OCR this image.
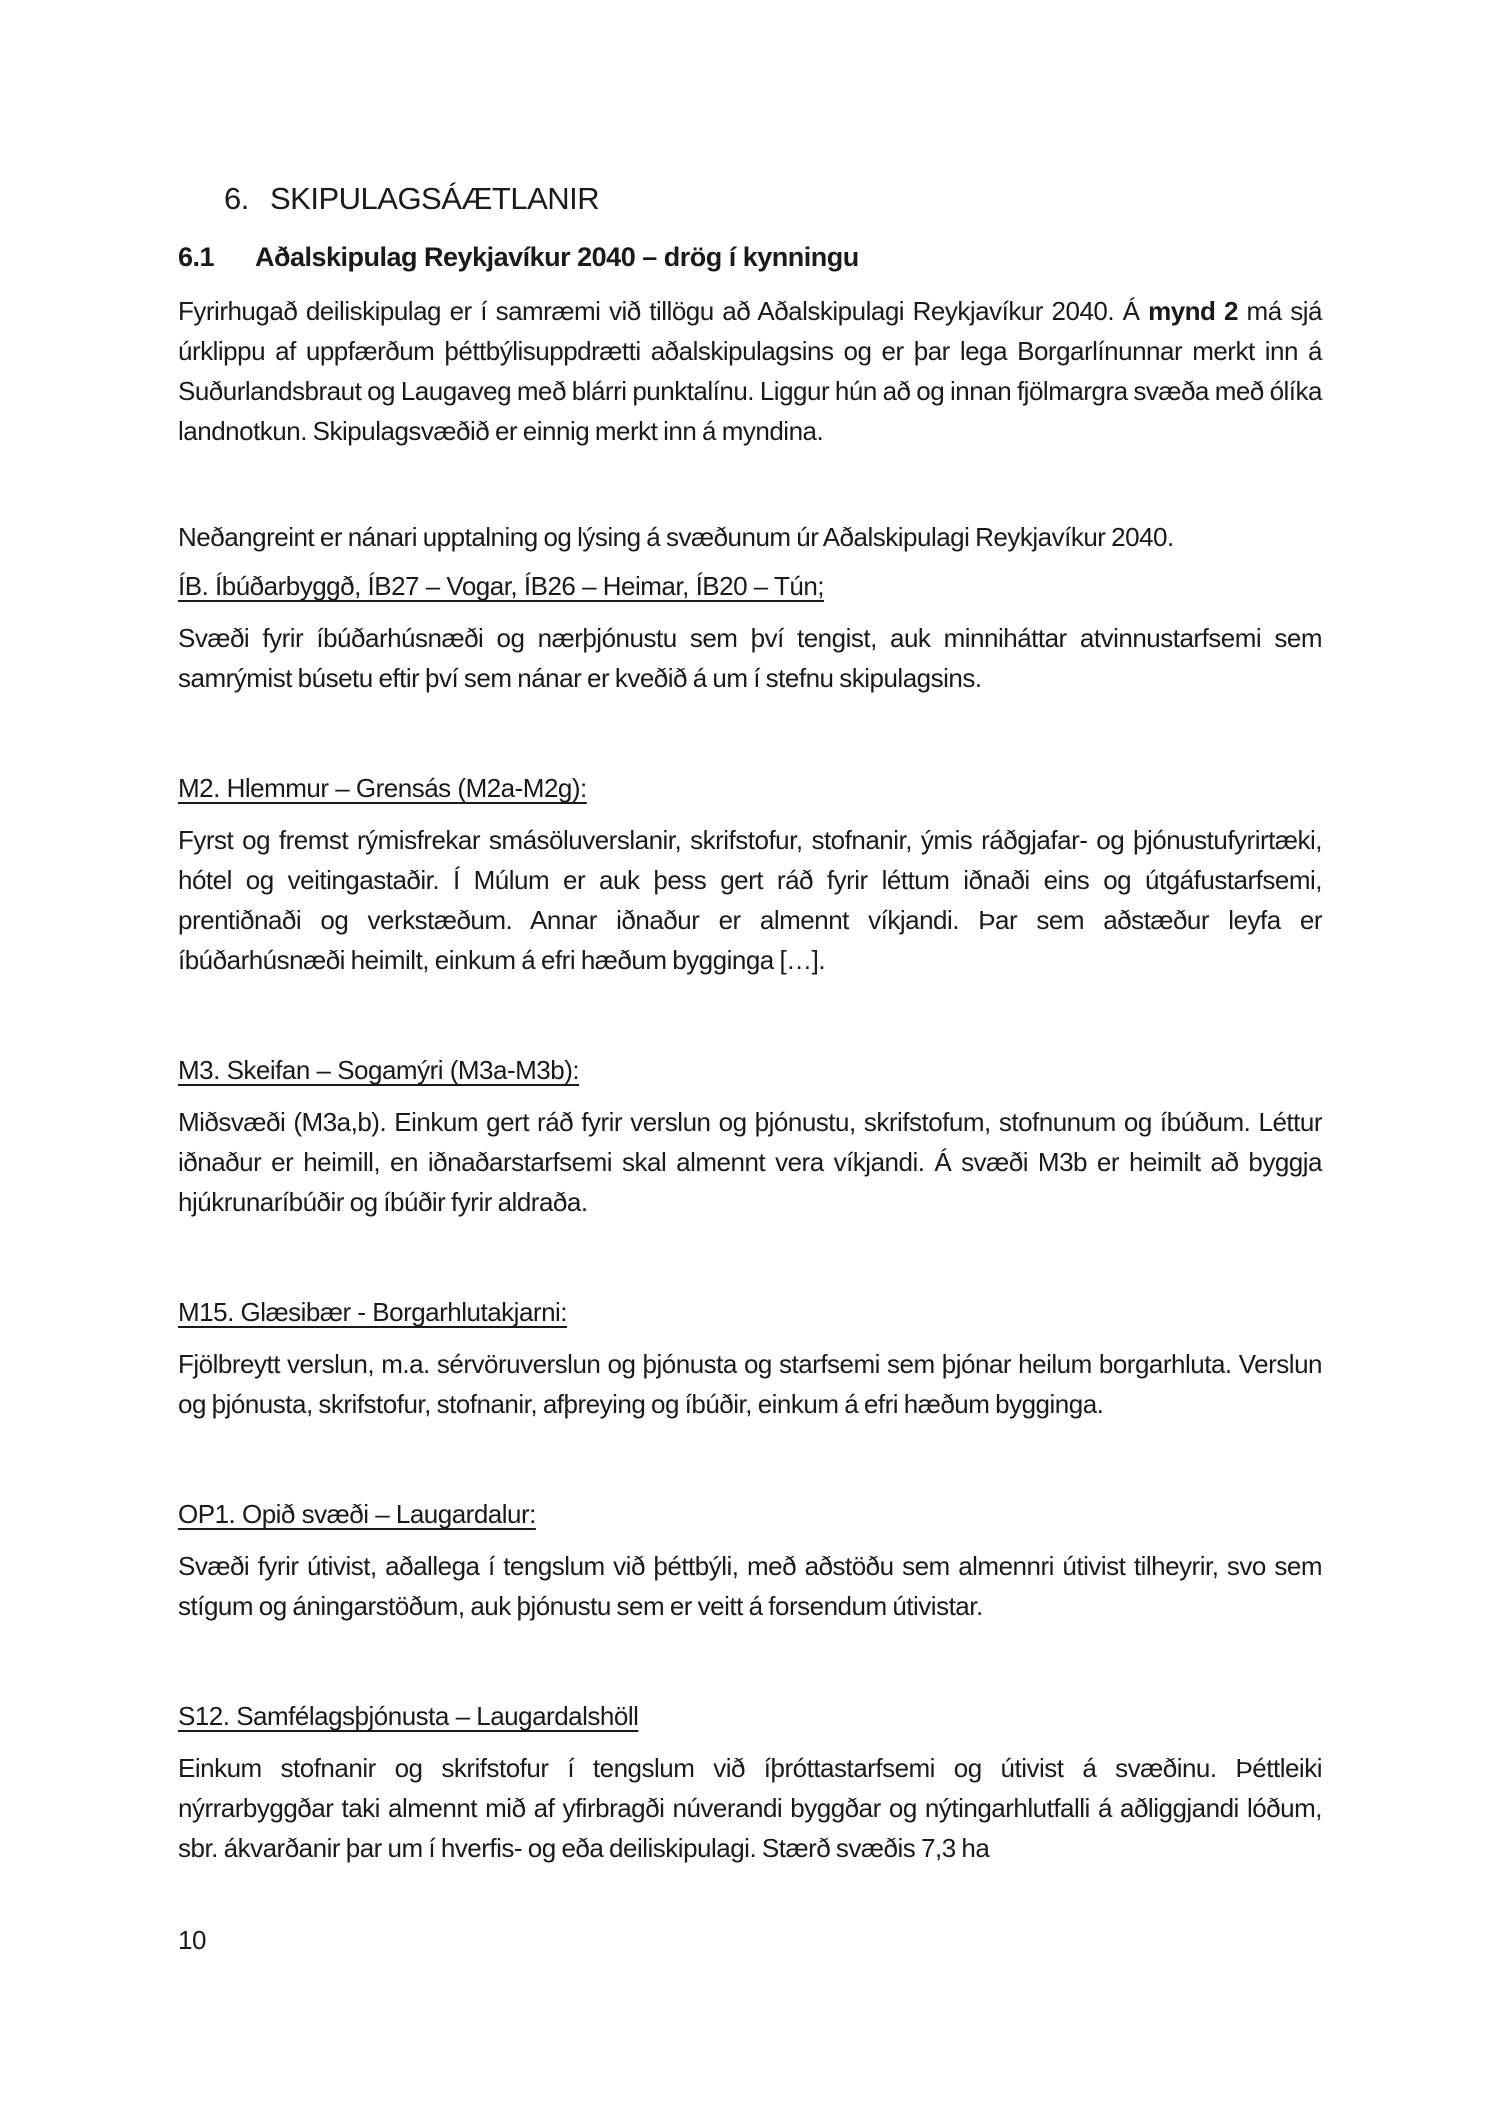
6. SKIPULAGSÁÆTLANIR
6.1	Aðalskipulag Reykjavíkur 2040 – drög í kynningu

Fyrirhugað deiliskipulag er í samræmi við tillögu að Aðalskipulagi Reykjavíkur 2040. Á mynd 2 má sjá úrklippu af uppfærðum þéttbýlisuppdrætti aðalskipulagsins og er þar lega Borgarlínunnar merkt inn á Suðurlandsbraut og Laugaveg með blárri punktalínu. Liggur hún að og innan fjölmargra svæða með ólíka landnotkun. Skipulagsvæðið er einnig merkt inn á myndina.

Neðangreint er nánari upptalning og lýsing á svæðunum úr Aðalskipulagi Reykjavíkur 2040.

ÍB. Íbúðarbyggð, ÍB27 – Vogar, ÍB26 – Heimar, ÍB20 – Tún;

Svæði fyrir íbúðarhúsnæði og nærþjónustu sem því tengist, auk minniháttar atvinnustarfsemi sem samrýmist búsetu eftir því sem nánar er kveðið á um í stefnu skipulagsins.

M2. Hlemmur – Grensás (M2a-M2g):

Fyrst og fremst rýmisfrekar smásöluverslanir, skrifstofur, stofnanir, ýmis ráðgjafar- og þjónustufyrirtæki, hótel og veitingastaðir. Í Múlum er auk þess gert ráð fyrir léttum iðnaði eins og útgáfustarfsemi, prentiðnaði og verkstæðum. Annar iðnaður er almennt víkjandi. Þar sem aðstæður leyfa er íbúðarhúsnæði heimilt, einkum á efri hæðum bygginga […].

M3. Skeifan – Sogamýri (M3a-M3b):

Miðsvæði (M3a,b). Einkum gert ráð fyrir verslun og þjónustu, skrifstofum, stofnunum og íbúðum. Léttur iðnaður er heimill, en iðnaðarstarfsemi skal almennt vera víkjandi. Á svæði M3b er heimilt að byggja hjúkrunaríbúðir og íbúðir fyrir aldraða.

M15. Glæsibær - Borgarhlutakjarni:

Fjölbreytt verslun, m.a. sérvöruverslun og þjónusta og starfsemi sem þjónar heilum borgarhluta. Verslun og þjónusta, skrifstofur, stofnanir, afþreying og íbúðir, einkum á efri hæðum bygginga.

OP1. Opið svæði – Laugardalur:

Svæði fyrir útivist, aðallega í tengslum við þéttbýli, með aðstöðu sem almennri útivist tilheyrir, svo sem stígum og áningarstöðum, auk þjónustu sem er veitt á forsendum útivistar.

S12. Samfélagsþjónusta – Laugardalshöll

Einkum stofnanir og skrifstofur í tengslum við íþróttastarfsemi og útivist á svæðinu. Þéttleiki nýrrarbyggðar taki almennt mið af yfirbragði núverandi byggðar og nýtingarhlutfalli á aðliggjandi lóðum, sbr. ákvarðanir þar um í hverfis- og eða deiliskipulagi. Stærð svæðis 7,3 ha

10
